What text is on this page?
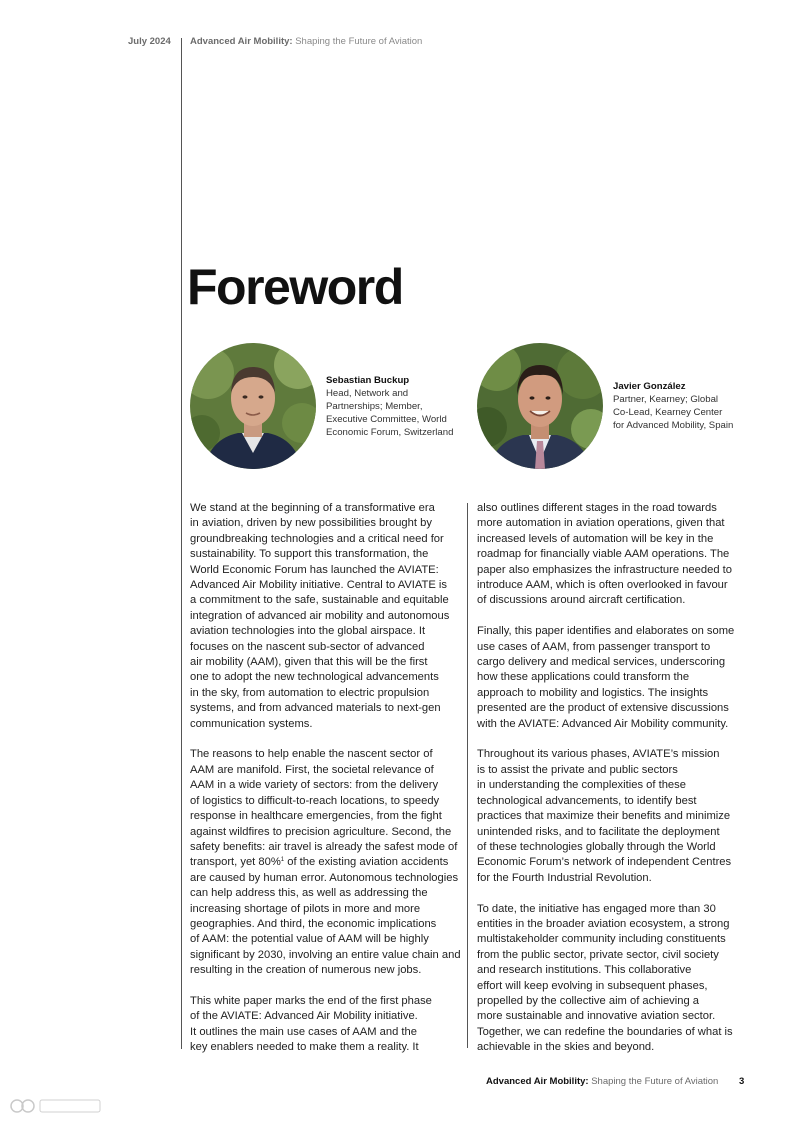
July 2024 Advanced Air Mobility: Shaping the Future of Aviation
Foreword
Sebastian Buckup
Head, Network and
Partnerships; Member,
Executive Committee, World
Economic Forum, Switzerland
Javier González
Partner, Kearney; Global
Co-Lead, Kearney Center
for Advanced Mobility, Spain
We stand at the beginning of a transformative era
in aviation, driven by new possibilities brought by
groundbreaking technologies and a critical need for
sustainability. To support this transformation, the
World Economic Forum has launched the AVIATE:
Advanced Air Mobility initiative. Central to AVIATE is
a commitment to the safe, sustainable and equitable
integration of advanced air mobility and autonomous
aviation technologies into the global airspace. It
focuses on the nascent sub-sector of advanced
air mobility (AAM), given that this will be the first
one to adopt the new technological advancements
in the sky, from automation to electric propulsion
systems, and from advanced materials to next-gen
communication systems.
The reasons to help enable the nascent sector of
AAM are manifold. First, the societal relevance of
AAM in a wide variety of sectors: from the delivery
of logistics to difficult-to-reach locations, to speedy
response in healthcare emergencies, from the fight
against wildfires to precision agriculture. Second, the
safety benefits: air travel is already the safest mode of
transport, yet 80%$^1$ of the existing aviation accidents
are caused by human error. Autonomous technologies
can help address this, as well as addressing the
increasing shortage of pilots in more and more
geographies. And third, the economic implications
of AAM: the potential value of AAM will be highly
significant by 2030, involving an entire value chain and
resulting in the creation of numerous new jobs.
This white paper marks the end of the first phase
of the AVIATE: Advanced Air Mobility initiative.
It outlines the main use cases of AAM and the
key enablers needed to make them a reality. It
also outlines different stages in the road towards
more automation in aviation operations, given that
increased levels of automation will be key in the
roadmap for financially viable AAM operations. The
paper also emphasizes the infrastructure needed to
introduce AAM, which is often overlooked in favour
of discussions around aircraft certification.
Finally, this paper identifies and elaborates on some
use cases of AAM, from passenger transport to
cargo delivery and medical services, underscoring
how these applications could transform the
approach to mobility and logistics. The insights
presented are the product of extensive discussions
with the AVIATE: Advanced Air Mobility community.
Throughout its various phases, AVIATE’s mission
is to assist the private and public sectors
in understanding the complexities of these
technological advancements, to identify best
practices that maximize their benefits and minimize
unintended risks, and to facilitate the deployment
of these technologies globally through the World
Economic Forum’s network of independent Centres
for the Fourth Industrial Revolution.
To date, the initiative has engaged more than 30
entities in the broader aviation ecosystem, a strong
multistakeholder community including constituents
from the public sector, private sector, civil society
and research institutions. This collaborative
effort will keep evolving in subsequent phases,
propelled by the collective aim of achieving a
more sustainable and innovative aviation sector.
Together, we can redefine the boundaries of what is
achievable in the skies and beyond.
Advanced Air Mobility: Shaping the Future of Aviation 3
